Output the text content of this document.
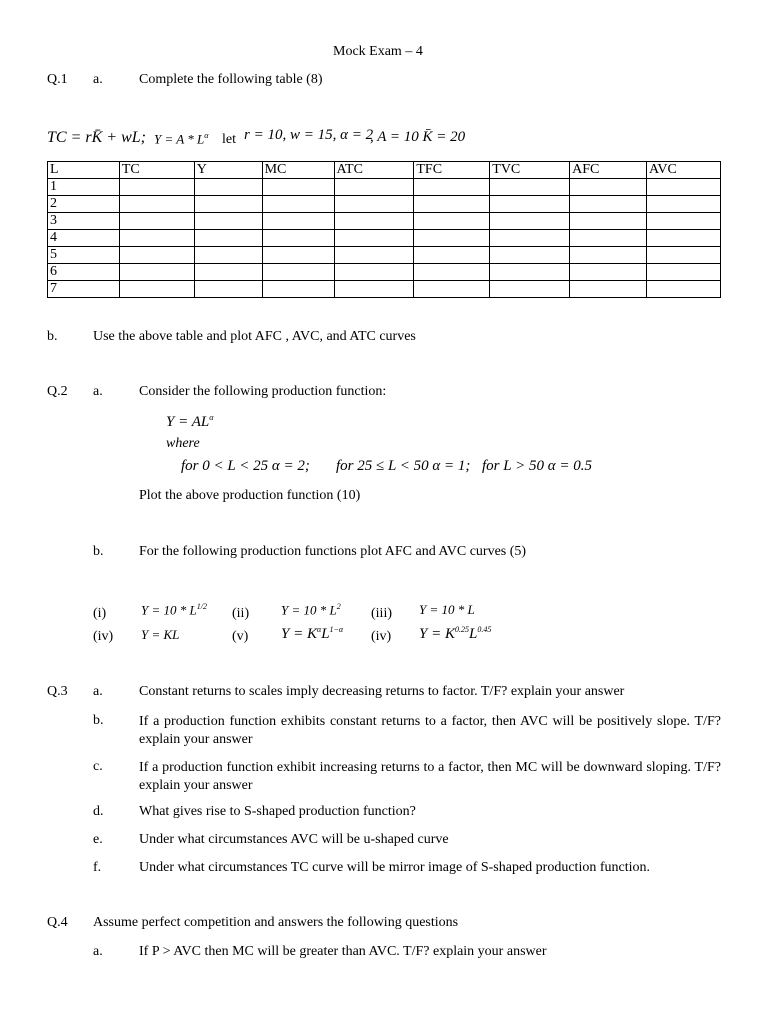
Mock Exam – 4
Q.1 a.	Complete the following table (8)
TC = rK̄ + wL; $Y = A * L^\alpha$ let r = 10, w = 15, α = 2
, A = 10 K̄ = 20
L	TC	Y	MC	ATC	TFC	TVC	AFC	AVC
1								
2								
3								
4								
5								
6								
7								
b.	Use the above table and plot AFC , AVC, and ATC curves
Q.2 a.	Consider the following production function:
$Y = AL^\alpha$
where
for 0 < L < 25 α = 2; for 25 ≤ L < 50 α = 1; for L > 50 α = 0.5
Plot the above production function (10)
b.	For the following production functions plot AFC and AVC curves (5)
(i)	$Y = 10 * L^{1/2}$ (ii) $Y = 10 * L^2$ (iii) Y = 10 * L
(iv) Y = KL	(v) $Y = K^\alpha L^{1-\alpha}$ (iv) $Y = K^{0.25}L^{0.45}$
Q.3 a.	Constant returns to scales imply decreasing returns to factor. T/F? explain your answer
b.	If a production function exhibits constant returns to a factor, then AVC will be positively slope. T/F? explain your answer
c.	If a production function exhibit increasing returns to a factor, then MC will be downward sloping. T/F? explain your answer
d.	What gives rise to S-shaped production function?
e.	Under what circumstances AVC will be u-shaped curve
f.	Under what circumstances TC curve will be mirror image of S-shaped production function.
Q.4 Assume perfect competition and answers the following questions
a.	If P > AVC then MC will be greater than AVC. T/F? explain your answer
